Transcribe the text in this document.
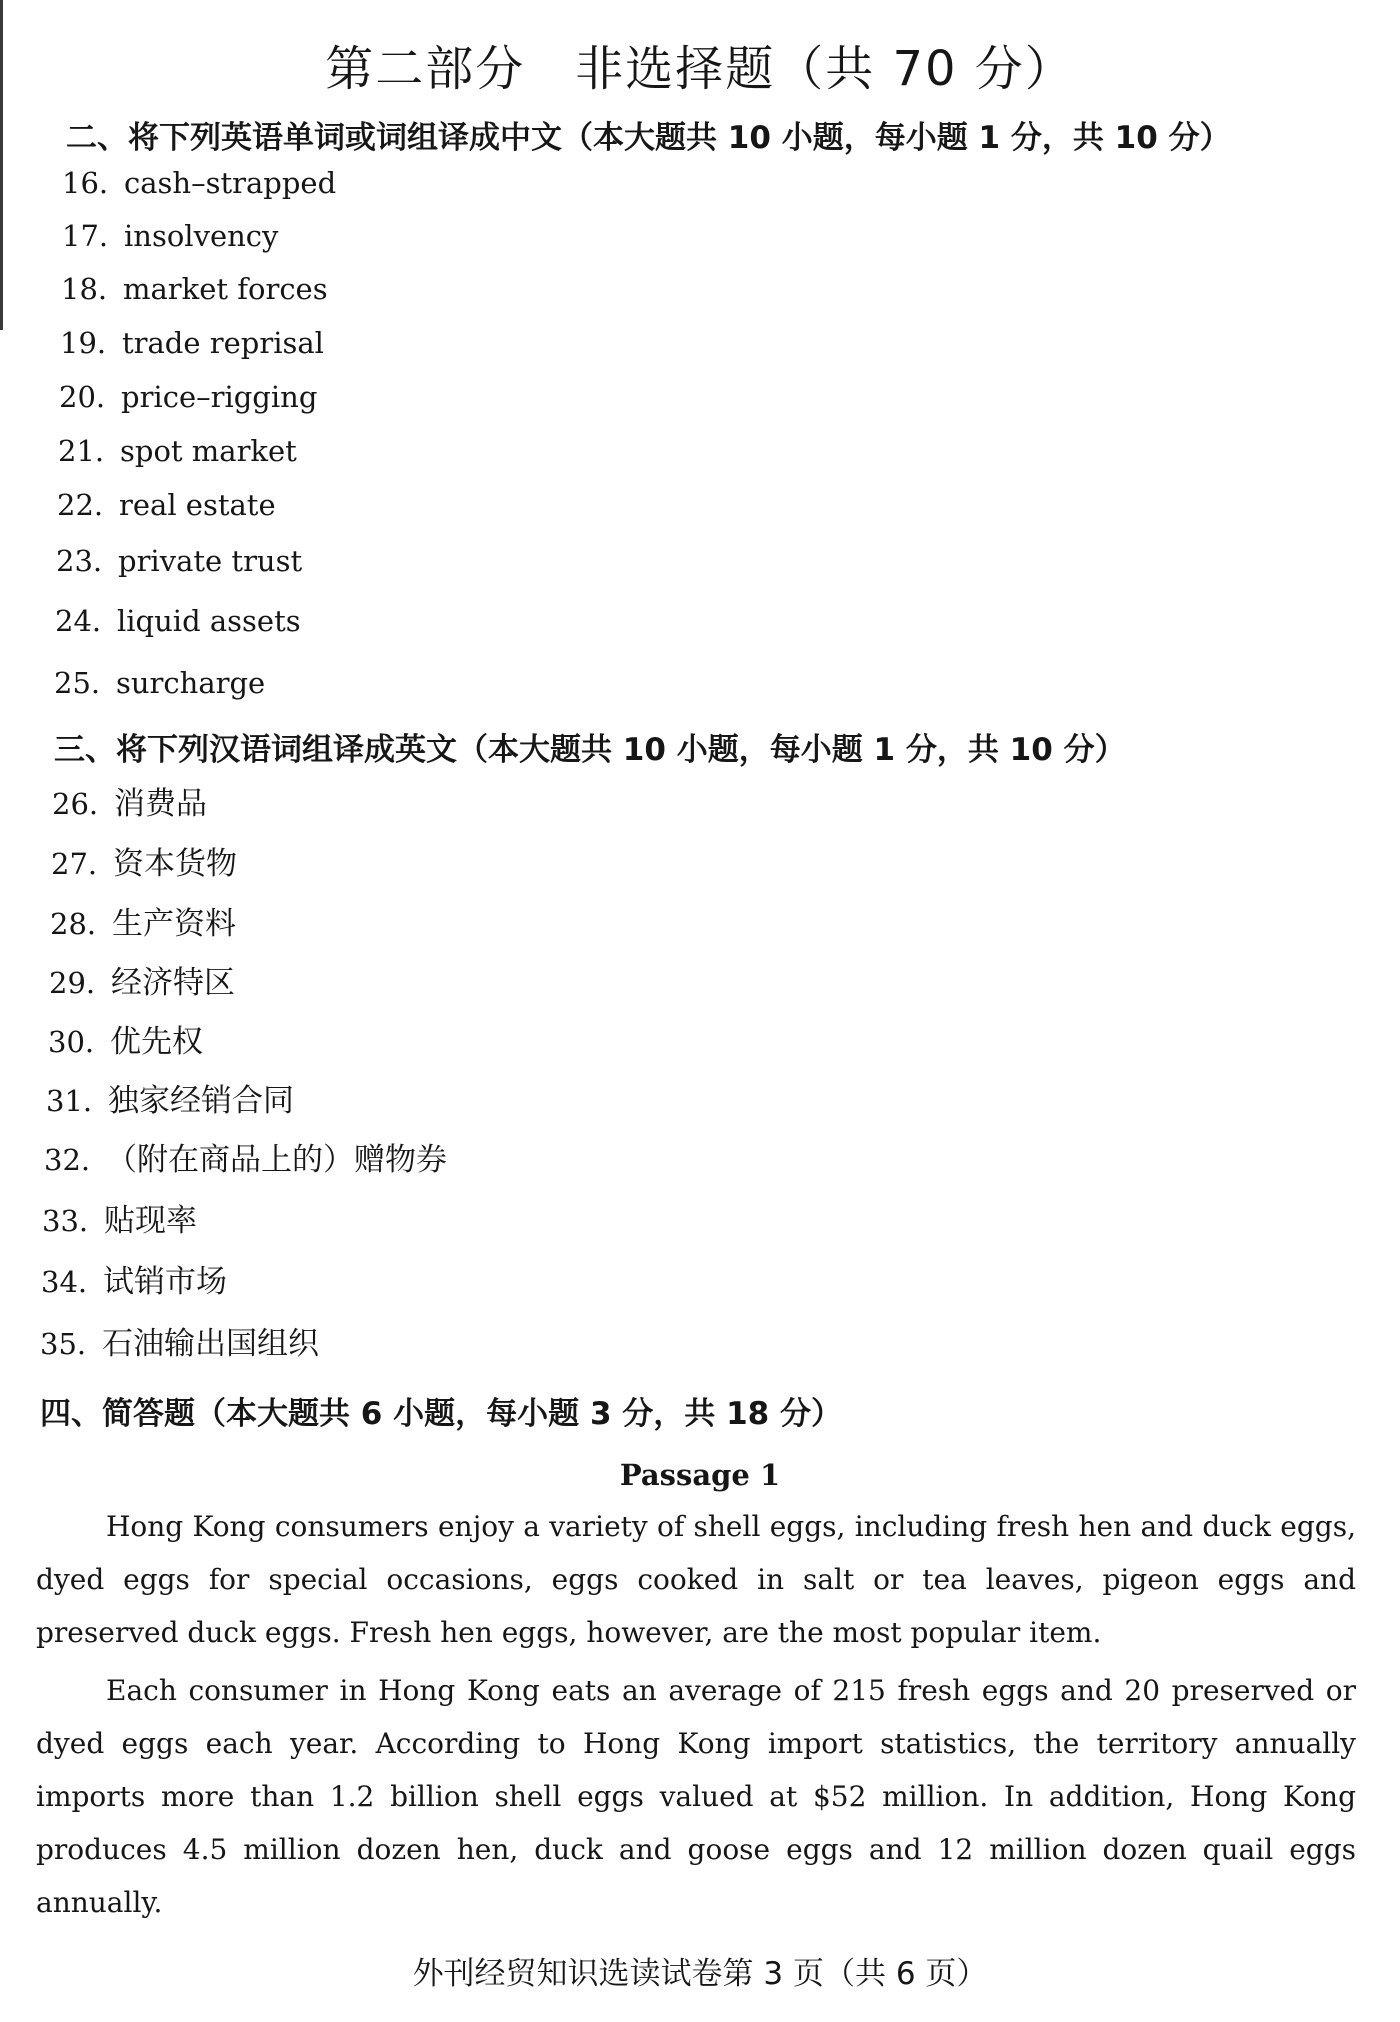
第二部分　非选择题（共 70 分）
二、将下列英语单词或词组译成中文（本大题共 10 小题，每小题 1 分，共 10 分）
16. cash–strapped
17. insolvency
18. market forces
19. trade reprisal
20. price–rigging
21. spot market
22. real estate
23. private trust
24. liquid assets
25. surcharge
三、将下列汉语词组译成英文（本大题共 10 小题，每小题 1 分，共 10 分）
26. 消费品
27. 资本货物
28. 生产资料
29. 经济特区
30. 优先权
31. 独家经销合同
32. （附在商品上的）赠物券
33. 贴现率
34. 试销市场
35. 石油输出国组织
四、简答题（本大题共 6 小题，每小题 3 分，共 18 分）
Passage 1
Hong Kong consumers enjoy a variety of shell eggs, including fresh hen and duck eggs, dyed eggs for special occasions, eggs cooked in salt or tea leaves, pigeon eggs and preserved duck eggs. Fresh hen eggs, however, are the most popular item.
Each consumer in Hong Kong eats an average of 215 fresh eggs and 20 preserved or dyed eggs each year. According to Hong Kong import statistics, the territory annually imports more than 1.2 billion shell eggs valued at $52 million. In addition, Hong Kong produces 4.5 million dozen hen, duck and goose eggs and 12 million dozen quail eggs annually.
外刊经贸知识选读试卷第 3 页（共 6 页）
